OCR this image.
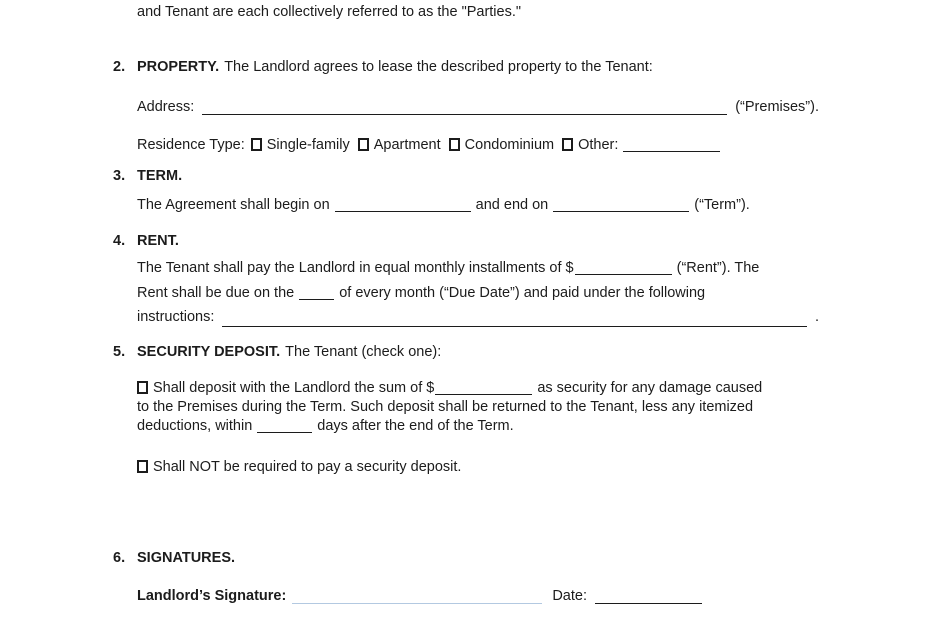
and Tenant are each collectively referred to as the "Parties."
2. PROPERTY. The Landlord agrees to lease the described property to the Tenant:
Address:	(“Premises”).
Residence Type: Single-family Apartment Condominium Other:
3. TERM.
The Agreement shall begin on	and end on	(“Term”).
4. RENT.
The Tenant shall pay the Landlord in equal monthly installments of $	(“Rent”). The
Rent shall be due on the	of every month (“Due Date”) and paid under the following
instructions:	.
5. SECURITY DEPOSIT. The Tenant (check one):
Shall deposit with the Landlord the sum of $	as security for any damage caused
to the Premises during the Term. Such deposit shall be returned to the Tenant, less any itemized
deductions, within	days after the end of the Term.
Shall NOT be required to pay a security deposit.
6. SIGNATURES.
Landlord’s Signature:	Date:
